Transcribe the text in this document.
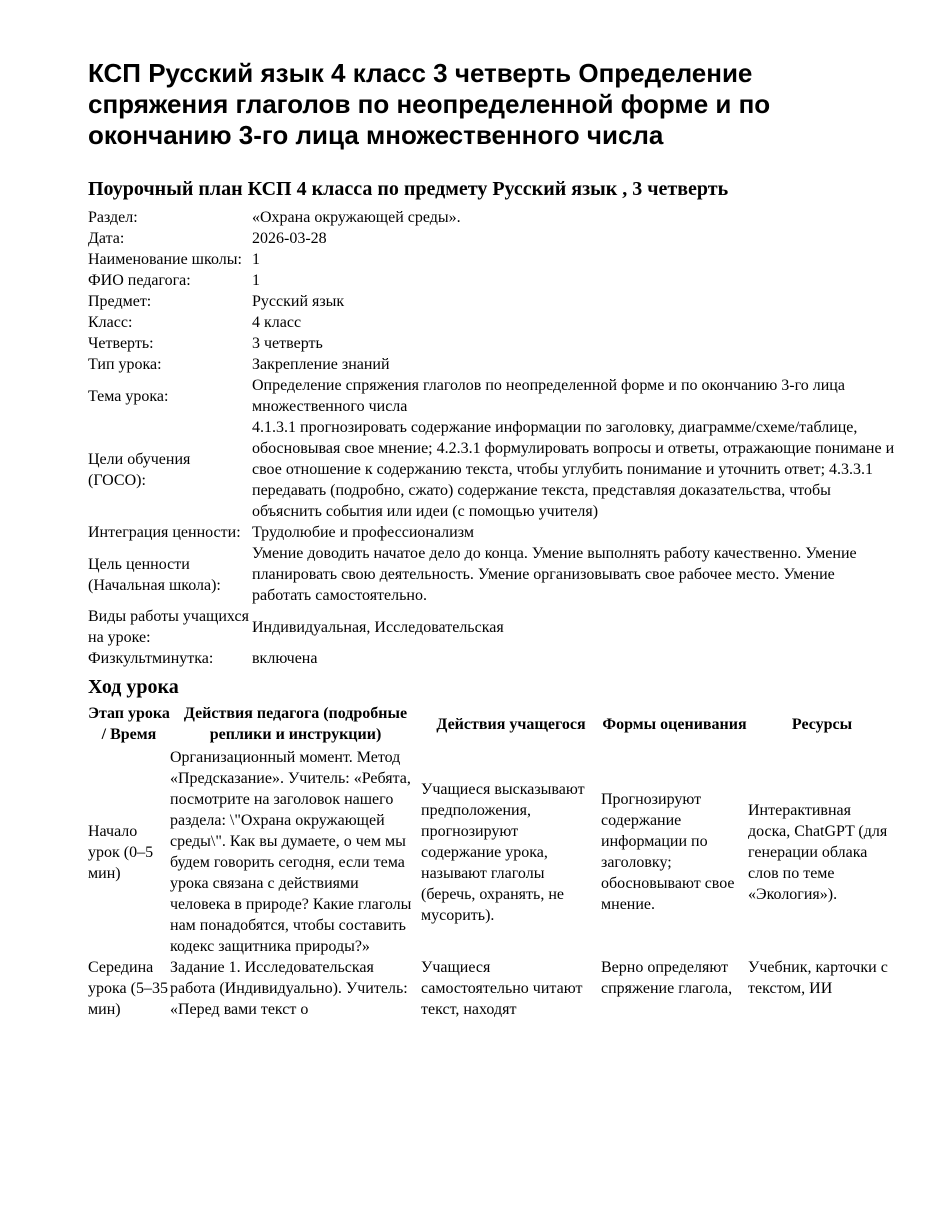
КСП Русский язык 4 класс 3 четверть Определение спряжения глаголов по неопределенной форме и по окончанию 3-го лица множественного числа
Поурочный план КСП 4 класса по предмету Русский язык , 3 четверть
Раздел:	«Охрана окружающей среды».
Дата:	2026-03-28
Наименование школы:	1
ФИО педагога:	1
Предмет:	Русский язык
Класс:	4 класс
Четверть:	3 четверть
Тип урока:	Закрепление знаний
Тема урока:	Определение спряжения глаголов по неопределенной форме и по окончанию 3-го лица множественного числа
Цели обучения (ГОСО):	4.1.3.1 прогнозировать содержание информации по заголовку, диаграмме/схеме/таблице, обосновывая свое мнение; 4.2.3.1 формулировать вопросы и ответы, отражающие понимане и свое отношение к содержанию текста, чтобы углубить понимание и уточнить ответ; 4.3.3.1 передавать (подробно, сжато) содержание текста, представляя доказательства, чтобы объяснить события или идеи (с помощью учителя)
Интеграция ценности:	Трудолюбие и профессионализм
Цель ценности (Начальная школа):	Умение доводить начатое дело до конца. Умение выполнять работу качественно. Умение планировать свою деятельность. Умение организовывать свое рабочее место. Умение работать самостоятельно.
Виды работы учащихся на уроке:	Индивидуальная, Исследовательская
Физкультминутка:	включена
Ход урока
Этап урока / Время	Действия педагога (подробные реплики и инструкции)	Действия учащегося	Формы оценивания	Ресурсы
Начало урок (0–5 мин)	Организационный момент. Метод «Предсказание». Учитель: «Ребята, посмотрите на заголовок нашего раздела: \"Охрана окружающей среды\". Как вы думаете, о чем мы будем говорить сегодня, если тема урока связана с действиями человека в природе? Какие глаголы нам понадобятся, чтобы составить кодекс защитника природы?»	Учащиеся высказывают предположения, прогнозируют содержание урока, называют глаголы (беречь, охранять, не мусорить).	Прогнозируют содержание информации по заголовку; обосновывают свое мнение.	Интерактивная доска, ChatGPT (для генерации облака слов по теме «Экология»).
Середина урока (5–35 мин)	Задание 1. Исследовательская работа (Индивидуально). Учитель: «Перед вами текст о	Учащиеся самостоятельно читают текст, находят	Верно определяют спряжение глагола,	Учебник, карточки с текстом, ИИ
